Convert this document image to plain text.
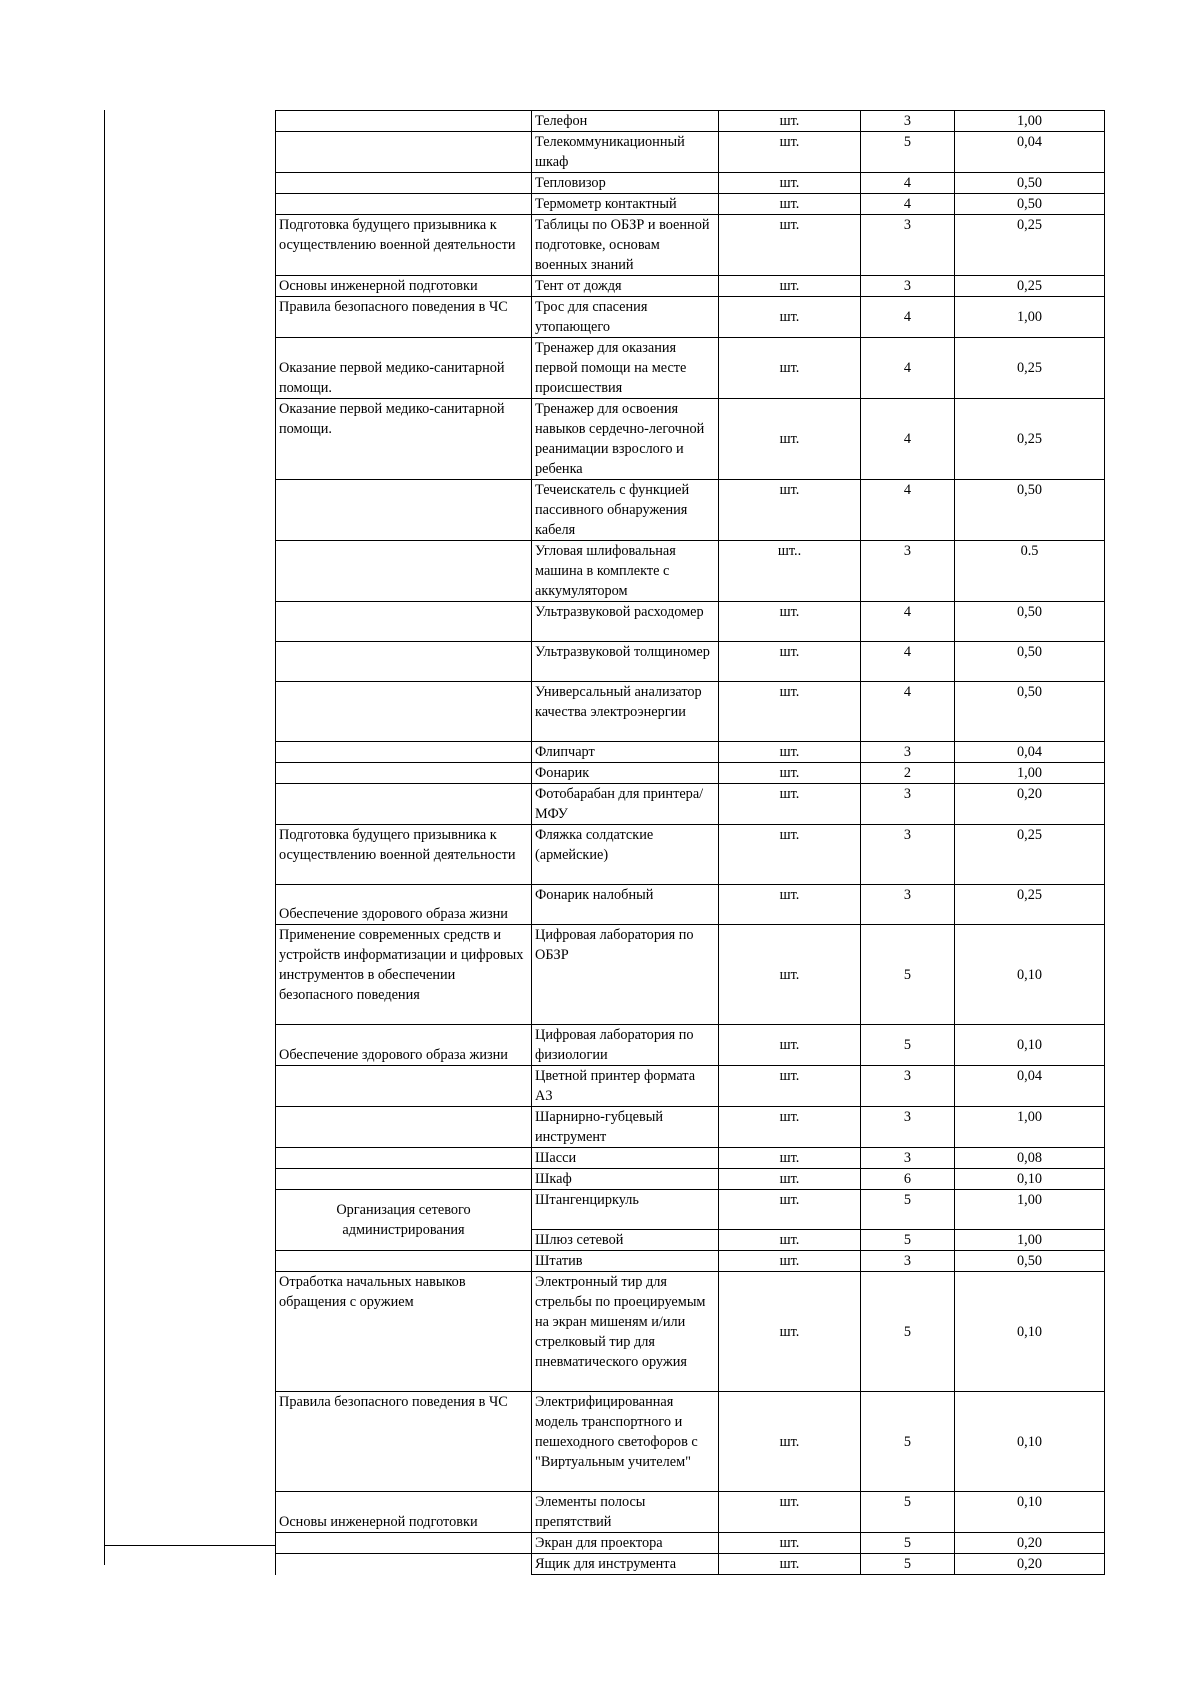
	Телефон	шт.	3	1,00
	Телекоммуникационный шкаф	шт.	5	0,04
	Тепловизор	шт.	4	0,50
	Термометр контактный	шт.	4	0,50
Подготовка будущего призывника к осуществлению военной деятельности	Таблицы по ОБЗР и военной подготовке, основам военных знаний	шт.	3	0,25
Основы инженерной подготовки	Тент от дождя	шт.	3	0,25
Правила безопасного поведения в ЧС	Трос для спасения утопающего	шт.	4	1,00
Оказание первой медико-санитарной помощи.	Тренажер для оказания первой помощи на месте происшествия	шт.	4	0,25
Оказание первой медико-санитарной помощи.	Тренажер для освоения навыков сердечно-легочной реанимации взрослого и ребенка	шт.	4	0,25
	Течеискатель с функцией пассивного обнаружения кабеля	шт.	4	0,50
	Угловая шлифовальная машина в комплекте с аккумулятором	шт..	3	0.5
	Ультразвуковой расходомер	шт.	4	0,50
	Ультразвуковой толщиномер	шт.	4	0,50
	Универсальный анализатор качества электроэнергии	шт.	4	0,50
	Флипчарт	шт.	3	0,04
	Фонарик	шт.	2	1,00
	Фотобарабан для принтера/МФУ	шт.	3	0,20
Подготовка будущего призывника к осуществлению военной деятельности	Фляжка солдатские (армейские)	шт.	3	0,25
Обеспечение здорового образа жизни	Фонарик налобный	шт.	3	0,25
Применение современных средств и устройств информатизации и цифровых инструментов в обеспечении безопасного поведения	Цифровая лаборатория по ОБЗР	шт.	5	0,10
Обеспечение здорового образа жизни	Цифровая лаборатория по физиологии	шт.	5	0,10
	Цветной принтер формата А3	шт.	3	0,04
	Шарнирно-губцевый инструмент	шт.	3	1,00
	Шасси	шт.	3	0,08
	Шкаф	шт.	6	0,10
Организация сетевого администрирования	Штангенциркуль	шт.	5	1,00
	Шлюз сетевой	шт.	5	1,00
	Штатив	шт.	3	0,50
Отработка начальных навыков обращения с оружием	Электронный тир для стрельбы по проецируемым на экран мишеням и/или стрелковый тир для пневматического оружия	шт.	5	0,10
Правила безопасного поведения в ЧС	Электрифицированная модель транспортного и пешеходного светофоров с "Виртуальным учителем"	шт.	5	0,10
Основы инженерной подготовки	Элементы полосы препятствий	шт.	5	0,10
	Экран для проектора	шт.	5	0,20
	Ящик для инструмента	шт.	5	0,20
